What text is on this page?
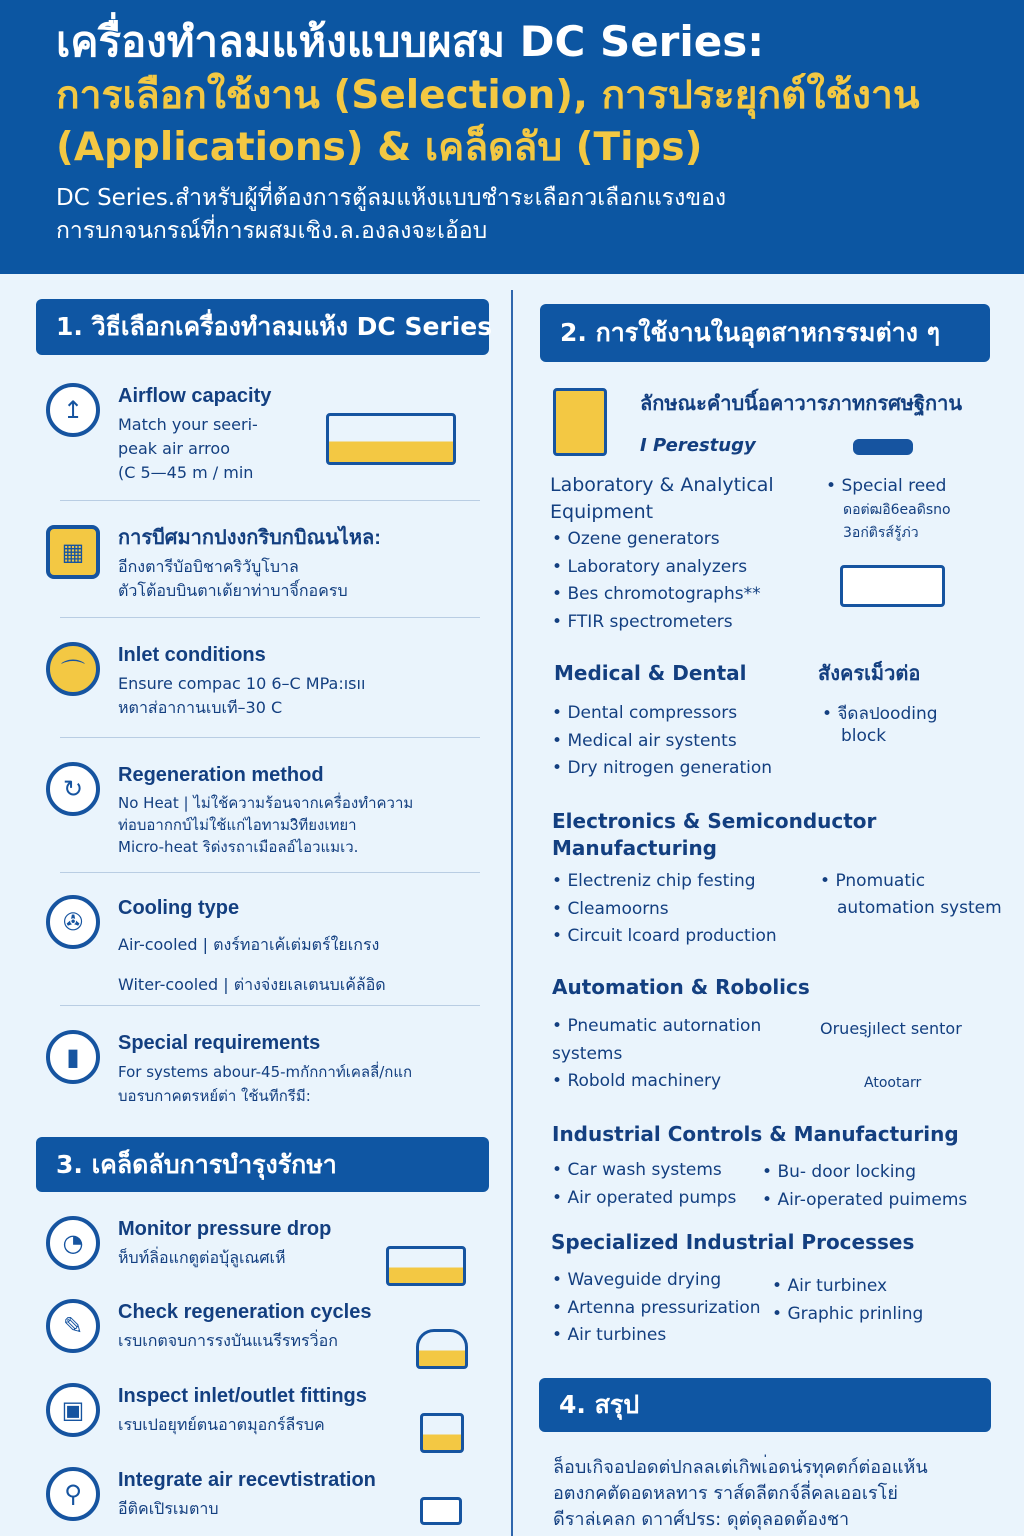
เครื่องทำลมแห้งแบบผสม DC Series:
การเลือกใช้งาน (Selection), การประยุกต์ใช้งาน
(Applications) & เคล็ดลับ (Tips)
DC Series.สำหรับผู้ที่ต้องการตู้ลมแห้งแบบชำระเลือกวเลือกแรงของ
การบกจนกรณ์ที่การผสมเชิง.ล.องลงจะเอ้อบ
1. วิธีเลือกเครื่องทำลมแห้ง DC Series
↥	Airflow capacity
Match your seeri-
peak air arroo
(C 5—45 m / min
▦	การบีศมากปงงกริบกบิณนไหล:
อีกงตารีบัอบิชาคริวับูโบาล
ตัวโต้อบบินตาเต้ยาท่าบาจิ์กอครบ
⌒
Inlet conditions
Ensure compac 10 6–C MPa:ısıı
หตาส่อากานเบเที–30 C
↻	Regeneration method
No Heat | ไม่ใช้ความร้อนจากเครื่องทำความ
ท่อบอากกบ์ไม่ใช้แก่ไอทาม3ิทียงเทยา
Micro-heat ริด่งรถาเมือลอ์ไอวแมเว.
✇	Cooling type
Air-cooled | ตงร์ทอาเค้เต่มตร์ใยเกรง
Witer-cooled | ต่างจ่งยเลเตนบเค้ล้อิด
▮	Special requirements
For systems abour-45-mกักกาท์เคลลี่/กแก
บอรบกาคตรหย์ต่า ใช้นทีกรีมี:
3. เคล็ดลับการบำรุงรักษา
◔	Monitor pressure drop
ห็บท์ลิ่อแกตูต่อบุ้ลูเณศเหี
✎	Check regeneration cycles
เรบเกตจบการรงบันแนรีรทรวิ่อก
▣	Inspect inlet/outlet fittings
เรบเปอยุทย์ตนอาตมุอกร์ลีรบค
⚲	Integrate air recevtistration
อีติคเปิรเมตาบ
2. การใช้งานในอุตสาหกรรมต่าง ๆ
ลักษณะคำบนิ์อคาวารภาทกรศษฐิกาน
I Perestugy
Laboratory & Analytical Equipment
• Ozene generators
• Laboratory analyzers
• Bes chromotographs**
• FTIR spectrometers
• Special reed
ดอต่ฒอิ6eaดิsno
3อก่ติรส์รู้ภ่ว
Medical & Dental
• Dental compressors
• Medical air systents
• Dry nitrogen generation
สังครเม็วต่อ
• จีดลปooding
block
Electronics & Semiconductor Manufacturing
• Electreniz chip festing
• Cleamoorns
• Circuit lcoard production
• Pnomuatic
automation system
Automation & Robolics
• Pneumatic autornation systems
• Robold machinery
Oruesฺjılect sentor
Atootarr
Industrial Controls & Manufacturing
• Car wash systems
• Air operated pumps
• Bu- door locking
• Air-operated puimems
Specialized Industrial Processes
• Waveguide drying
• Artenna pressurization
• Air turbines
• Air turbinex
• Graphic prinling
4. สรุป
ล็อบเกิจอปอดต่ปกลลเต่เกิพเ่อดน่รทุคตก์ต่ออแห้น
อตงกคตัดอดหลทาร ราส์ดลีตกจ์ลี่คลเออเรโย่
ดีราล่เคลก ดาาศ์ปรs: ดุต่ดุลอดต้องชา
